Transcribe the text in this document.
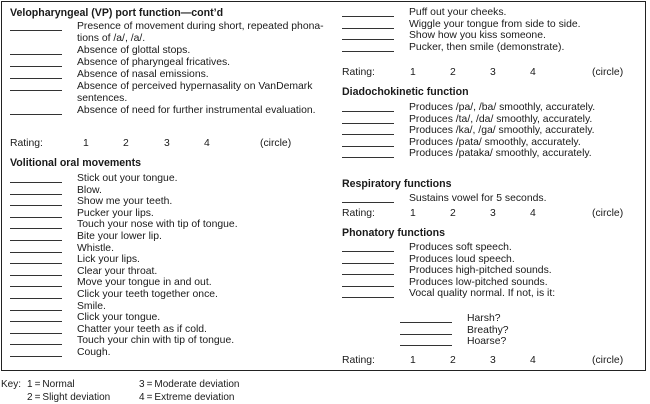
Velopharyngeal (VP) port function—cont’d
Presence of movement during short, repeated phona-
tions of /a/, /a/.
Absence of glottal stops.
Absence of pharyngeal fricatives.
Absence of nasal emissions.
Absence of perceived hypernasality on VanDemark
sentences.
Absence of need for further instrumental evaluation.
Rating:	1	2	3	4	(circle)
Volitional oral movements
Stick out your tongue.
Blow.
Show me your teeth.
Pucker your lips.
Touch your nose with tip of tongue.
Bite your lower lip.
Whistle.
Lick your lips.
Clear your throat.
Move your tongue in and out.
Click your teeth together once.
Smile.
Click your tongue.
Chatter your teeth as if cold.
Touch your chin with tip of tongue.
Cough.
Puff out your cheeks.
Wiggle your tongue from side to side.
Show how you kiss someone.
Pucker, then smile (demonstrate).
Rating:	1	2	3	4	(circle)
Diadochokinetic function
Produces /pa/, /ba/ smoothly, accurately.
Produces /ta/, /da/ smoothly, accurately.
Produces /ka/, /ga/ smoothly, accurately.
Produces /pata/ smoothly, accurately.
Produces /pataka/ smoothly, accurately.
Respiratory functions
Sustains vowel for 5 seconds.
Rating:	1	2	3	4	(circle)
Phonatory functions
Produces soft speech.
Produces loud speech.
Produces high-pitched sounds.
Produces low-pitched sounds.
Vocal quality normal. If not, is it:
Harsh?
Breathy?
Hoarse?
Rating:	1	2	3	4	(circle)
Key: 1 = Normal
2 = Slight deviation
3 = Moderate deviation
4 = Extreme deviation
